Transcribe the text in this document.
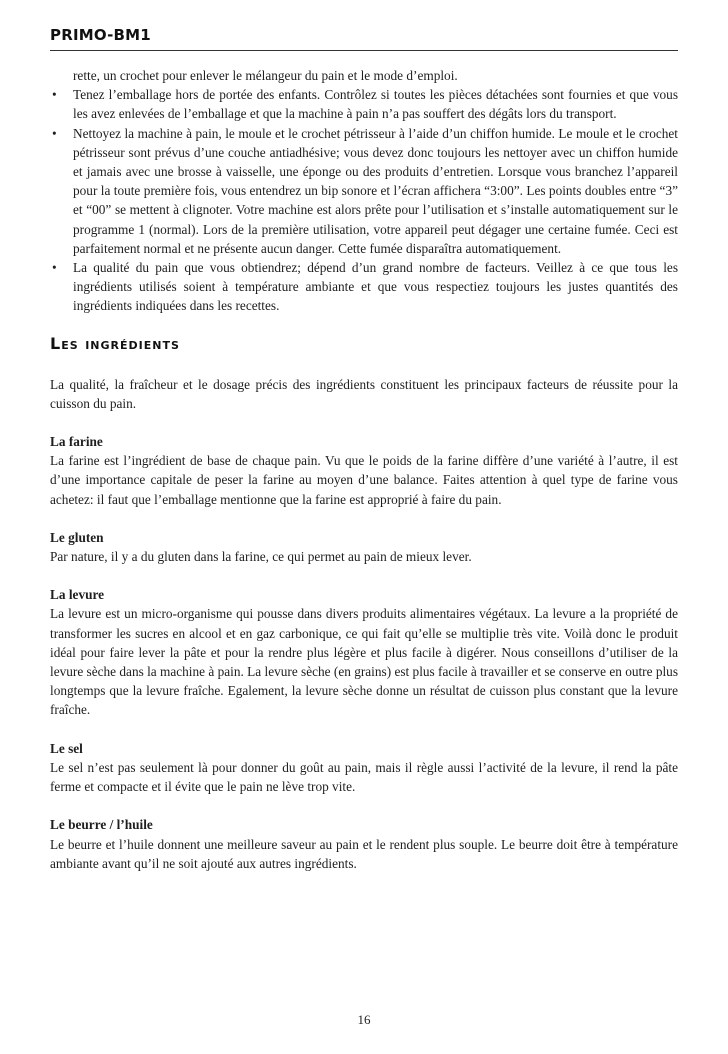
PRIMO-BM1

rette, un crochet pour enlever le mélangeur du pain et le mode d’emploi.

• Tenez l’emballage hors de portée des enfants. Contrôlez si toutes les pièces détachées sont fournies et que vous les avez enlevées de l’emballage et que la machine à pain n’a pas souffert des dégâts lors du transport.
• Nettoyez la machine à pain, le moule et le crochet pétrisseur à l’aide d’un chiffon humide. Le moule et le crochet pétrisseur sont prévus d’une couche antiadhésive; vous devez donc toujours les nettoyer avec un chiffon humide et jamais avec une brosse à vaisselle, une éponge ou des produits d’entretien. Lorsque vous branchez l’appareil pour la toute première fois, vous entendrez un bip sonore et l’écran affichera “3:00”. Les points doubles entre “3” et “00” se mettent à clignoter. Votre machine est alors prête pour l’utilisation et s’installe automatiquement sur le programme 1 (normal). Lors de la première utilisation, votre appareil peut dégager une certaine fumée. Ceci est parfaitement normal et ne présente aucun danger. Cette fumée disparaîtra automatiquement.
• La qualité du pain que vous obtiendrez; dépend d’un grand nombre de facteurs. Veillez à ce que tous les ingrédients utilisés soient à température ambiante et que vous respectiez toujours les justes quantités des ingrédients indiquées dans les recettes.
Les ingrédients

La qualité, la fraîcheur et le dosage précis des ingrédients constituent les principaux facteurs de réussite pour la cuisson du pain.

La farine

La farine est l’ingrédient de base de chaque pain. Vu que le poids de la farine diffère d’une variété à l’autre, il est d’une importance capitale de peser la farine au moyen d’une balance. Faites attention à quel type de farine vous achetez: il faut que l’emballage mentionne que la farine est approprié à faire du pain.

Le gluten

Par nature, il y a du gluten dans la farine, ce qui permet au pain de mieux lever.

La levure

La levure est un micro-organisme qui pousse dans divers produits alimentaires végétaux. La levure a la propriété de transformer les sucres en alcool et en gaz carbonique, ce qui fait qu’elle se multiplie très vite. Voilà donc le produit idéal pour faire lever la pâte et pour la rendre plus légère et plus facile à digérer. Nous conseillons d’utiliser de la levure sèche dans la machine à pain. La levure sèche (en grains) est plus facile à travailler et se conserve en outre plus longtemps que la levure fraîche. Egalement, la levure sèche donne un résultat de cuisson plus constant que la levure fraîche.

Le sel

Le sel n’est pas seulement là pour donner du goût au pain, mais il règle aussi l’activité de la levure, il rend la pâte ferme et compacte et il évite que le pain ne lève trop vite.

Le beurre / l’huile

Le beurre et l’huile donnent une meilleure saveur au pain et le rendent plus souple. Le beurre doit être à température ambiante avant qu’il ne soit ajouté aux autres ingrédients.

16
